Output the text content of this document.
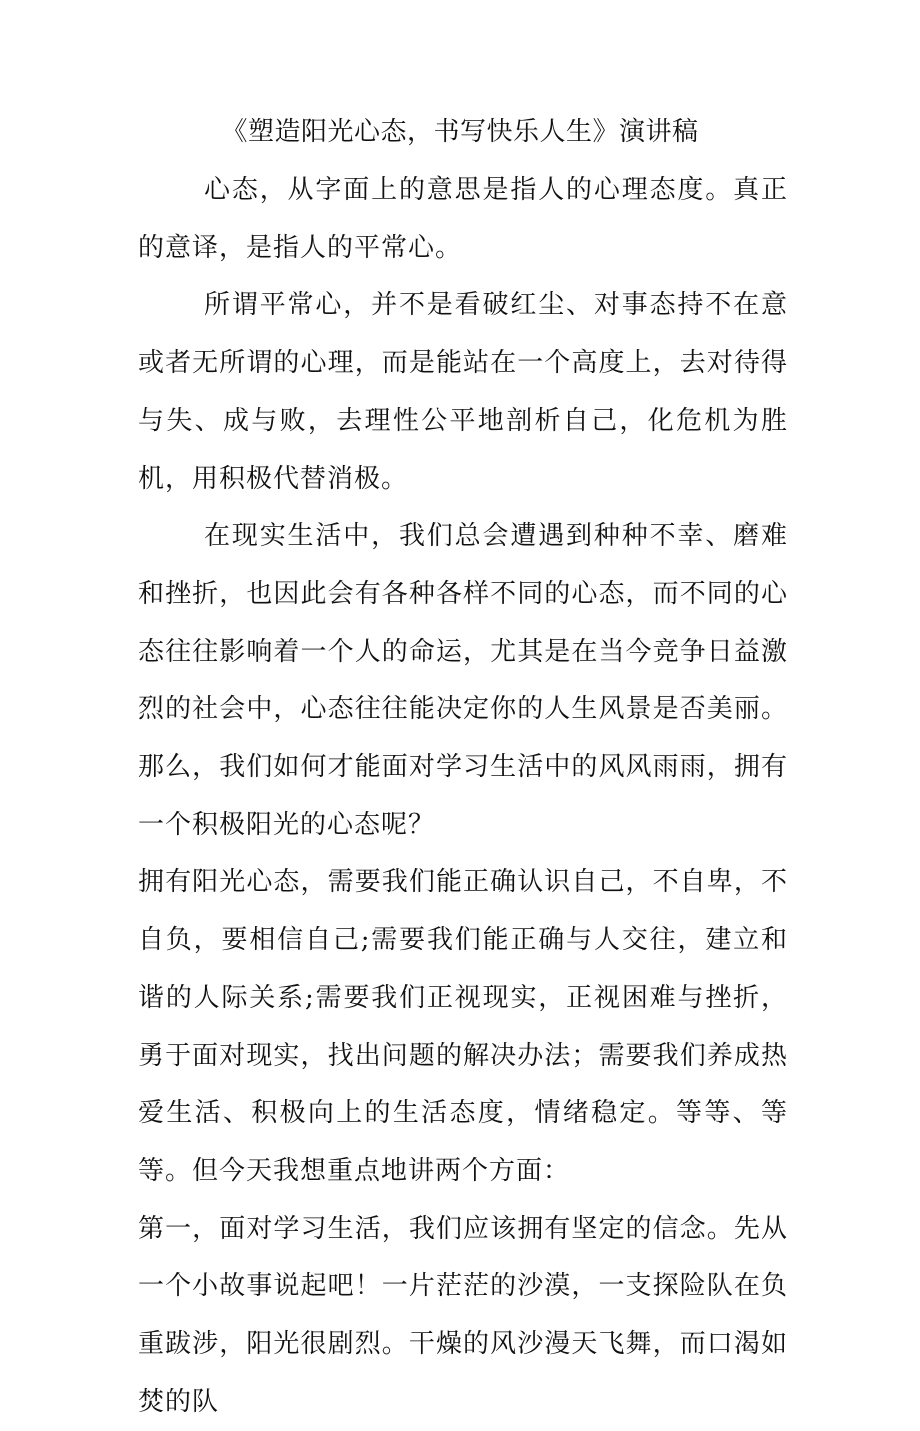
《塑造阳光心态，书写快乐人生》演讲稿

心态，从字面上的意思是指人的心理态度。真正的意译，是指人的平常心。

所谓平常心，并不是看破红尘、对事态持不在意或者无所谓的心理，而是能站在一个高度上，去对待得与失、成与败，去理性公平地剖析自己，化危机为胜机，用积极代替消极。

在现实生活中，我们总会遭遇到种种不幸、磨难和挫折，也因此会有各种各样不同的心态，而不同的心态往往影响着一个人的命运，尤其是在当今竞争日益激烈的社会中，心态往往能决定你的人生风景是否美丽。那么，我们如何才能面对学习生活中的风风雨雨，拥有一个积极阳光的心态呢？

拥有阳光心态，需要我们能正确认识自己，不自卑，不自负，要相信自己;需要我们能正确与人交往，建立和谐的人际关系;需要我们正视现实，正视困难与挫折，勇于面对现实，找出问题的解决办法；需要我们养成热爱生活、积极向上的生活态度，情绪稳定。等等、等等。但今天我想重点地讲两个方面：

第一，面对学习生活，我们应该拥有坚定的信念。先从一个小故事说起吧！一片茫茫的沙漠，一支探险队在负重跋涉，阳光很剧烈。干燥的风沙漫天飞舞，而口渴如焚的队
